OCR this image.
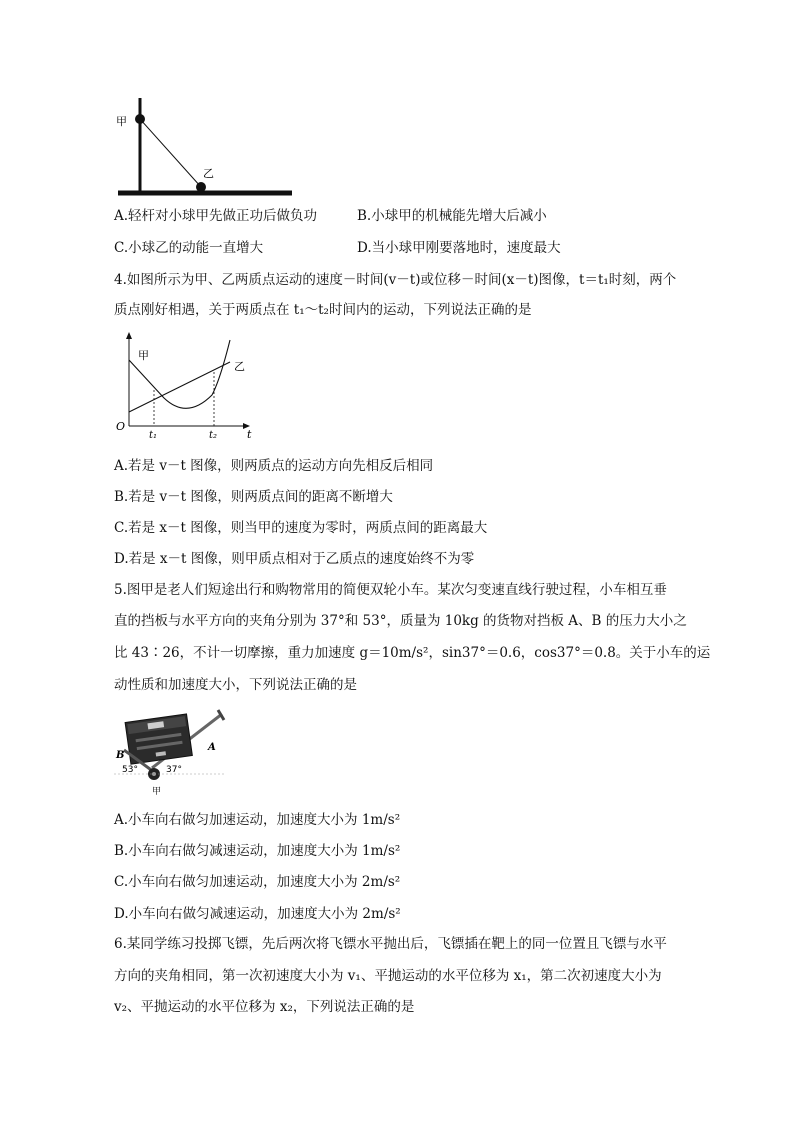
甲
乙
A.轻杆对小球甲先做正功后做负功	B.小球甲的机械能先增大后减小
C.小球乙的动能一直增大	D.当小球甲刚要落地时，速度最大
4.如图所示为甲、乙两质点运动的速度－时间(v－t)或位移－时间(x－t)图像，t＝t₁时刻，两个
质点刚好相遇，关于两质点在 t₁～t₂时间内的运动，下列说法正确的是
甲
乙
O
t₁	t₂	t
A.若是 v－t 图像，则两质点的运动方向先相反后相同
B.若是 v－t 图像，则两质点间的距离不断增大
C.若是 x－t 图像，则当甲的速度为零时，两质点间的距离最大
D.若是 x－t 图像，则甲质点相对于乙质点的速度始终不为零
5.图甲是老人们短途出行和购物常用的简便双轮小车。某次匀变速直线行驶过程，小车相互垂
直的挡板与水平方向的夹角分别为 37°和 53°，质量为 10kg 的货物对挡板 A、B 的压力大小之
比 43∶26，不计一切摩擦，重力加速度 g＝10m/s²，sin37°＝0.6，cos37°＝0.8。关于小车的运
动性质和加速度大小，下列说法正确的是
B
A
53°	37°
甲
A.小车向右做匀加速运动，加速度大小为 1m/s²
B.小车向右做匀减速运动，加速度大小为 1m/s²
C.小车向右做匀加速运动，加速度大小为 2m/s²
D.小车向右做匀减速运动，加速度大小为 2m/s²
6.某同学练习投掷飞镖，先后两次将飞镖水平抛出后，飞镖插在靶上的同一位置且飞镖与水平
方向的夹角相同，第一次初速度大小为 v₁、平抛运动的水平位移为 x₁，第二次初速度大小为
v₂、平抛运动的水平位移为 x₂，下列说法正确的是
